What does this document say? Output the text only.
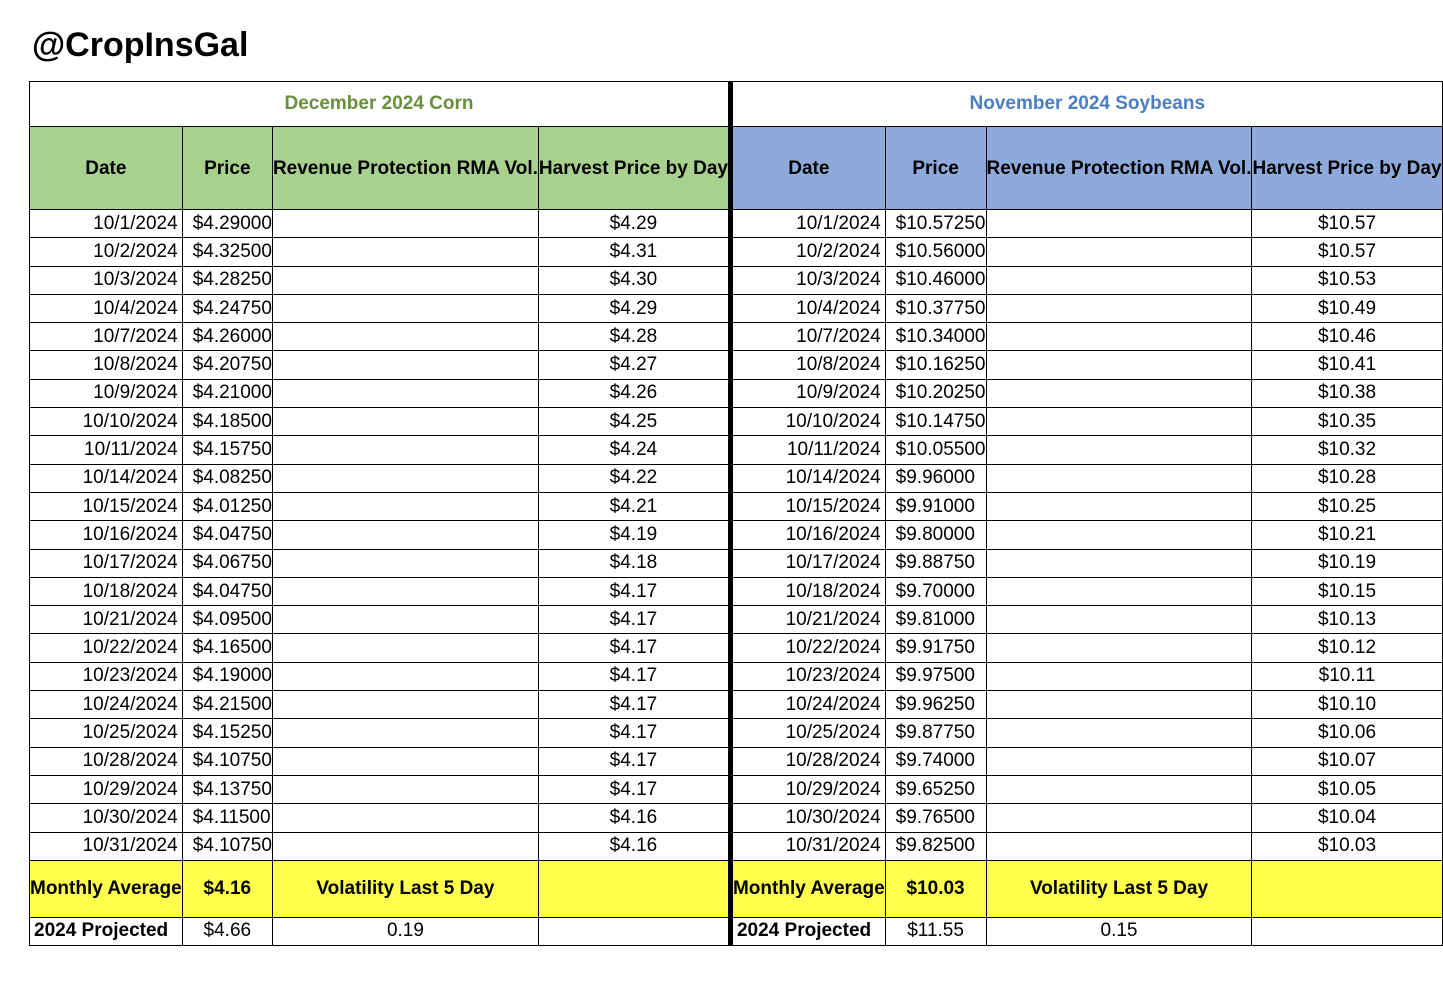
@CropInsGal
December 2024 Corn				November 2024 Soybeans			
Date	Price	Revenue Protection RMA Vol.	Harvest Price by Day	Date	Price	Revenue Protection RMA Vol.	Harvest Price by Day
10/1/2024	$4.29000		$4.29	10/1/2024	$10.57250		$10.57
10/2/2024	$4.32500		$4.31	10/2/2024	$10.56000		$10.57
10/3/2024	$4.28250		$4.30	10/3/2024	$10.46000		$10.53
10/4/2024	$4.24750		$4.29	10/4/2024	$10.37750		$10.49
10/7/2024	$4.26000		$4.28	10/7/2024	$10.34000		$10.46
10/8/2024	$4.20750		$4.27	10/8/2024	$10.16250		$10.41
10/9/2024	$4.21000		$4.26	10/9/2024	$10.20250		$10.38
10/10/2024	$4.18500		$4.25	10/10/2024	$10.14750		$10.35
10/11/2024	$4.15750		$4.24	10/11/2024	$10.05500		$10.32
10/14/2024	$4.08250		$4.22	10/14/2024	$9.96000		$10.28
10/15/2024	$4.01250		$4.21	10/15/2024	$9.91000		$10.25
10/16/2024	$4.04750		$4.19	10/16/2024	$9.80000		$10.21
10/17/2024	$4.06750		$4.18	10/17/2024	$9.88750		$10.19
10/18/2024	$4.04750		$4.17	10/18/2024	$9.70000		$10.15
10/21/2024	$4.09500		$4.17	10/21/2024	$9.81000		$10.13
10/22/2024	$4.16500		$4.17	10/22/2024	$9.91750		$10.12
10/23/2024	$4.19000		$4.17	10/23/2024	$9.97500		$10.11
10/24/2024	$4.21500		$4.17	10/24/2024	$9.96250		$10.10
10/25/2024	$4.15250		$4.17	10/25/2024	$9.87750		$10.06
10/28/2024	$4.10750		$4.17	10/28/2024	$9.74000		$10.07
10/29/2024	$4.13750		$4.17	10/29/2024	$9.65250		$10.05
10/30/2024	$4.11500		$4.16	10/30/2024	$9.76500		$10.04
10/31/2024	$4.10750		$4.16	10/31/2024	$9.82500		$10.03
Monthly Average	$4.16	Volatility Last 5 Day		Monthly Average	$10.03	Volatility Last 5 Day	
2024 Projected	$4.66	0.19		2024 Projected	$11.55	0.15	
